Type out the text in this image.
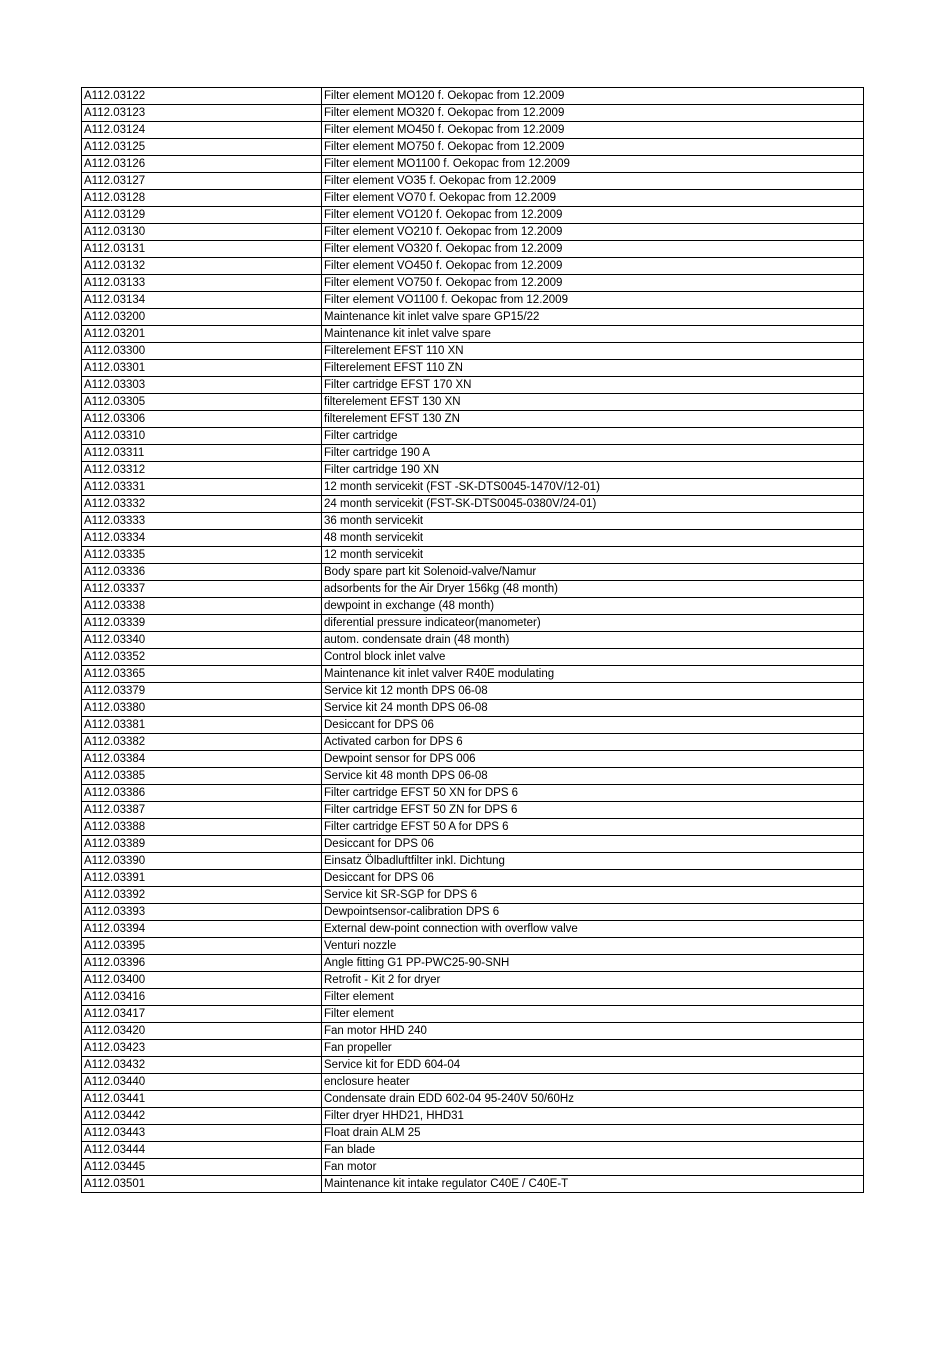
A112.03122	Filter element MO120 f. Oekopac from 12.2009
A112.03123	Filter element MO320 f. Oekopac from 12.2009
A112.03124	Filter element MO450 f. Oekopac from 12.2009
A112.03125	Filter element MO750 f. Oekopac from 12.2009
A112.03126	Filter element MO1100 f. Oekopac from 12.2009
A112.03127	Filter element VO35 f. Oekopac from 12.2009
A112.03128	Filter element VO70 f. Oekopac from 12.2009
A112.03129	Filter element VO120 f. Oekopac from 12.2009
A112.03130	Filter element VO210 f. Oekopac from 12.2009
A112.03131	Filter element VO320 f. Oekopac from 12.2009
A112.03132	Filter element VO450 f. Oekopac from 12.2009
A112.03133	Filter element VO750 f. Oekopac from 12.2009
A112.03134	Filter element VO1100 f. Oekopac from 12.2009
A112.03200	Maintenance kit inlet valve spare GP15/22
A112.03201	Maintenance kit inlet valve spare
A112.03300	Filterelement EFST 110 XN
A112.03301	Filterelement EFST 110 ZN
A112.03303	Filter cartridge EFST 170 XN
A112.03305	filterelement EFST 130 XN
A112.03306	filterelement EFST 130 ZN
A112.03310	Filter cartridge
A112.03311	Filter cartridge 190 A
A112.03312	Filter cartridge 190 XN
A112.03331	12 month servicekit (FST -SK-DTS0045-1470V/12-01)
A112.03332	24 month servicekit (FST-SK-DTS0045-0380V/24-01)
A112.03333	36 month servicekit
A112.03334	48 month servicekit
A112.03335	12 month servicekit
A112.03336	Body spare part kit Solenoid-valve/Namur
A112.03337	adsorbents for the Air Dryer 156kg (48 month)
A112.03338	dewpoint in exchange (48 month)
A112.03339	diferential pressure indicateor(manometer)
A112.03340	autom. condensate drain (48 month)
A112.03352	Control block inlet valve
A112.03365	Maintenance kit inlet valver R40E modulating
A112.03379	Service kit 12 month DPS 06-08
A112.03380	Service kit 24 month DPS 06-08
A112.03381	Desiccant for DPS 06
A112.03382	Activated carbon for DPS 6
A112.03384	Dewpoint sensor for DPS 006
A112.03385	Service kit 48 month DPS 06-08
A112.03386	Filter cartridge EFST 50 XN for DPS 6
A112.03387	Filter cartridge EFST 50 ZN for DPS 6
A112.03388	Filter cartridge EFST 50 A for DPS 6
A112.03389	Desiccant for DPS 06
A112.03390	Einsatz Ölbadluftfilter inkl. Dichtung
A112.03391	Desiccant for DPS 06
A112.03392	Service kit SR-SGP for DPS 6
A112.03393	Dewpointsensor-calibration DPS 6
A112.03394	External dew-point connection with overflow valve
A112.03395	Venturi nozzle
A112.03396	Angle fitting G1 PP-PWC25-90-SNH
A112.03400	Retrofit - Kit 2 for dryer
A112.03416	Filter element
A112.03417	Filter element
A112.03420	Fan motor HHD 240
A112.03423	Fan propeller
A112.03432	Service kit for EDD 604-04
A112.03440	enclosure heater
A112.03441	Condensate drain EDD 602-04 95-240V 50/60Hz
A112.03442	Filter dryer HHD21, HHD31
A112.03443	Float drain ALM 25
A112.03444	Fan blade
A112.03445	Fan motor
A112.03501	Maintenance kit intake regulator C40E / C40E-T
